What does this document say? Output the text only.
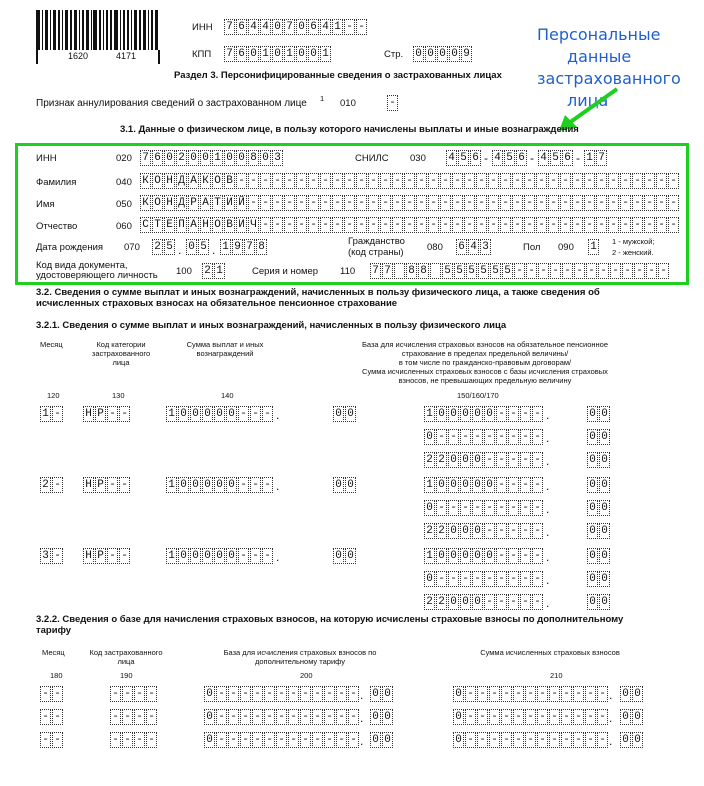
1620	4171
ИНН 7 6 4 4 0 7 0 6 4 1 - -
КПП 7 6 0 1 0 1 0 0 1	Стр. 0 0 0 0 9
Персональные
данные
застрахованного
лица
Раздел 3. Персонифицированные сведения о застрахованных лицах
Признак аннулирования сведений о застрахованном лице 1 010	-
3.1. Данные о физическом лице, в пользу которого начислены выплаты и иные вознаграждения
ИНН	020 7 6 0 2 0 0 1 0 0 8 0 3	СНИЛС 030 4 5 6 - 4 5 6 - 4 5 6 - 1 7
Фамилия	040 К О Н Д А К О В - - - - - - - - - - - - - - - - - - - - - - - - - - - - - - - - - - - - -
Имя	050 К О Н Д Р А Т И Й - - - - - - - - - - - - - - - - - - - - - - - - - - - - - - - - - - - -
Отчество	060 С Т Е П А Н О В И Ч - - - - - - - - - - - - - - - - - - - - - - - - - - - - - - - - - - -
Дата рождения 070 2 5 . 0 5 . 1 9 7 8	Гражданство
(код страны) 080 6 4 3	Пол 090 1 1 - мужской;
2 - женский.
Код вида документа,
удостоверяющего личность 100 2 1	Серия и номер 110 7 7 8 8 5 5 5 5 5 5 - - - - - - - - - - - - -
3.2. Сведения о сумме выплат и иных вознаграждений, начисленных в пользу физического лица, а также сведения об
исчисленных страховых взносах на обязательное пенсионное страхование
3.2.1. Сведения о сумме выплат и иных вознаграждений, начисленных в пользу физического лица
Месяц	Код категории
застрахованного
лица
Сумма выплат и иных
вознаграждений
База для исчисления страховых взносов на обязательное пенсионное
страхование в пределах предельной величины/
в том числе по гражданско-правовым договорам/
Сумма исчисленных страховых взносов с базы исчисления страховых
взносов, не превышающих предельную величину
120	130	140	150/160/170
1 - Н Р - -	1 0 0 0 0 0 - - - .	0 0	1 0 0 0 0 0 - - - - .	0 0
0 - - - - - - - - - .	0 0
2 2 0 0 0 - - - - - .	0 0
2 - Н Р - -	1 0 0 0 0 0 - - - .	0 0	1 0 0 0 0 0 - - - - .	0 0
0 - - - - - - - - - .	0 0
2 2 0 0 0 - - - - - .	0 0
3 - Н Р - -	1 0 0 0 0 0 - - - .	0 0	1 0 0 0 0 0 - - - - .	0 0
0 - - - - - - - - - .	0 0
2 2 0 0 0 - - - - - .	0 0
3.2.2. Сведения о базе для начисления страховых взносов, на которую исчислены страховые взносы по дополнительному
тарифу
Месяц	Код застрахованного
лица
База для исчисления страховых взносов по
дополнительному тарифу
Сумма исчисленных страховых взносов
180	190	200	210
- -	- - - -	0 - - - - - - - - - - - - . 0 0	0 - - - - - - - - - - - - . 0 0
- -	- - - -	0 - - - - - - - - - - - - . 0 0	0 - - - - - - - - - - - - . 0 0
- -	- - - -	0 - - - - - - - - - - - - . 0 0	0 - - - - - - - - - - - - . 0 0
